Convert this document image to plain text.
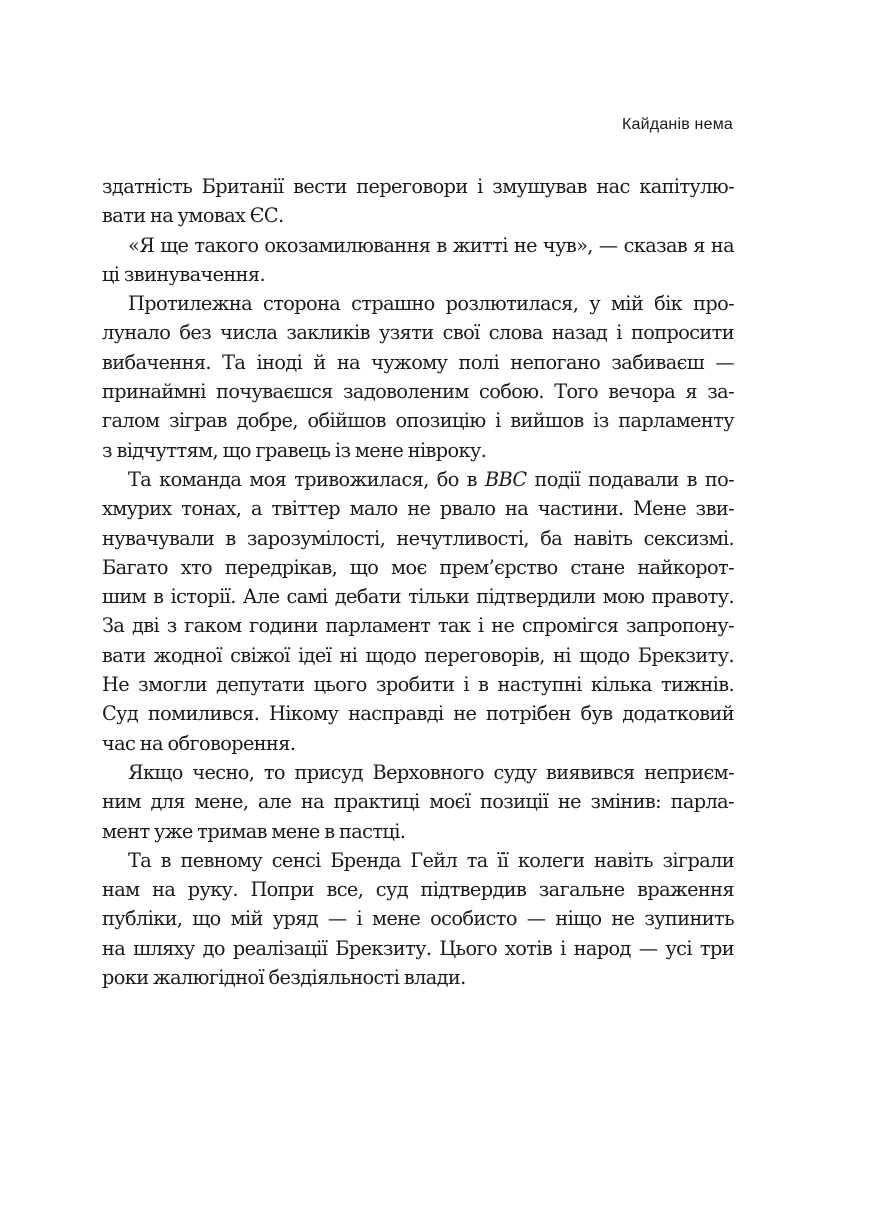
Кайданів нема
здатність Британії вести переговори і змушував нас капітулю-
вати на умовах ЄС.
«Я ще такого окозамилювання в житті не чув», — сказав я на
ці звинувачення.
Протилежна сторона страшно розлютилася, у мій бік про-
лунало без числа закликів узяти свої слова назад і попросити
вибачення. Та іноді й на чужому полі непогано забиваєш —
принаймні почуваєшся задоволеним собою. Того вечора я за-
галом зіграв добре, обійшов опозицію і вийшов із парламенту
з відчуттям, що гравець із мене нівроку.
Та команда моя тривожилася, бо в BBC події подавали в по-
хмурих тонах, а твіттер мало не рвало на частини. Мене зви-
нувачували в зарозумілості, нечутливості, ба навіть сексизмі.
Багато хто передрікав, що моє прем’єрство стане найкорот-
шим в історії. Але самі дебати тільки підтвердили мою правоту.
За дві з гаком години парламент так і не спромігся запропону-
вати жодної свіжої ідеї ні щодо переговорів, ні щодо Брекзиту.
Не змогли депутати цього зробити і в наступні кілька тижнів.
Суд помилився. Нікому насправді не потрібен був додатковий
час на обговорення.
Якщо чесно, то присуд Верховного суду виявився неприєм-
ним для мене, але на практиці моєї позиції не змінив: парла-
мент уже тримав мене в пастці.
Та в певному сенсі Бренда Гейл та її колеги навіть зіграли
нам на руку. Попри все, суд підтвердив загальне враження
публіки, що мій уряд — і мене особисто — ніщо не зупинить
на шляху до реалізації Брекзиту. Цього хотів і народ — усі три
роки жалюгідної бездіяльності влади.
